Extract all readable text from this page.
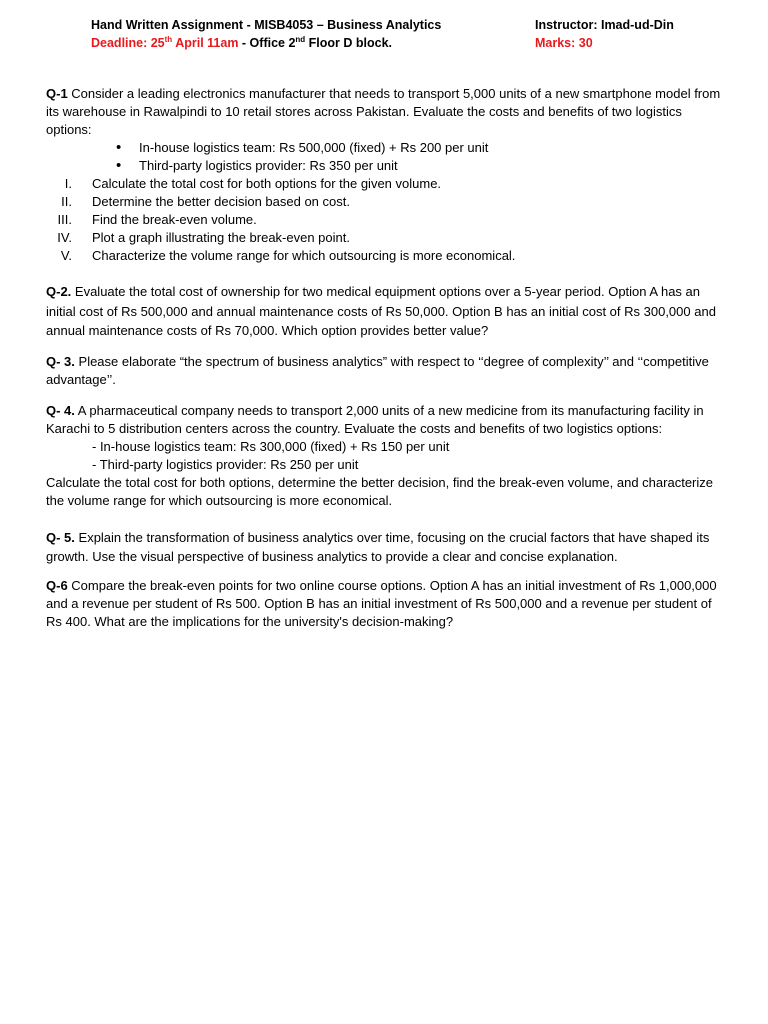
Hand Written Assignment - MISB4053 – Business Analytics	Instructor: Imad-ud-Din
Deadline: 25th April 11am - Office 2nd Floor D block.	Marks: 30
Q-1 Consider a leading electronics manufacturer that needs to transport 5,000 units of a new smartphone model from its warehouse in Rawalpindi to 10 retail stores across Pakistan. Evaluate the costs and benefits of two logistics options:
• In-house logistics team: Rs 500,000 (fixed) + Rs 200 per unit
• Third-party logistics provider: Rs 350 per unit
I. Calculate the total cost for both options for the given volume.
II. Determine the better decision based on cost.
III. Find the break-even volume.
IV. Plot a graph illustrating the break-even point.
V. Characterize the volume range for which outsourcing is more economical.
Q-2. Evaluate the total cost of ownership for two medical equipment options over a 5-year period. Option A has an initial cost of Rs 500,000 and annual maintenance costs of Rs 50,000. Option B has an initial cost of Rs 300,000 and annual maintenance costs of Rs 70,000. Which option provides better value?
Q- 3. Please elaborate “the spectrum of business analytics” with respect to ‘‘degree of complexity’’ and ‘‘competitive advantage’’.
Q- 4. A pharmaceutical company needs to transport 2,000 units of a new medicine from its manufacturing facility in Karachi to 5 distribution centers across the country. Evaluate the costs and benefits of two logistics options:
- In-house logistics team: Rs 300,000 (fixed) + Rs 150 per unit
- Third-party logistics provider: Rs 250 per unit
Calculate the total cost for both options, determine the better decision, find the break-even volume, and characterize the volume range for which outsourcing is more economical.
Q- 5. Explain the transformation of business analytics over time, focusing on the crucial factors that have shaped its growth. Use the visual perspective of business analytics to provide a clear and concise explanation.
Q-6 Compare the break-even points for two online course options. Option A has an initial investment of Rs 1,000,000 and a revenue per student of Rs 500. Option B has an initial investment of Rs 500,000 and a revenue per student of Rs 400. What are the implications for the university's decision-making?
